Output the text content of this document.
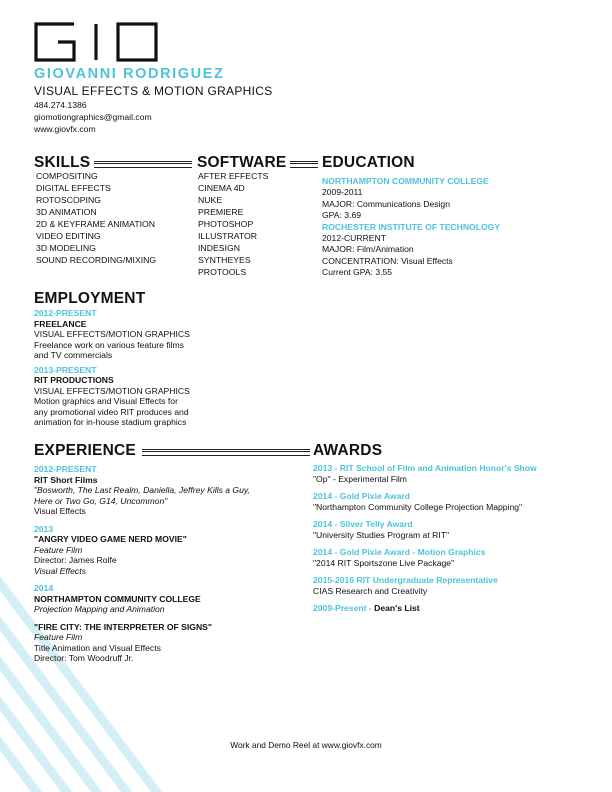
GIOVANNI RODRIGUEZ
VISUAL EFFECTS & MOTION GRAPHICS
484.274.1386
giomotiongraphics@gmail.com
www.giovfx.com
SKILLS
COMPOSITING
DIGITAL EFFECTS
ROTOSCOPING
3D ANIMATION
2D & KEYFRAME ANIMATION
VIDEO EDITING
3D MODELING
SOUND RECORDING/MIXING
SOFTWARE
AFTER EFFECTS
CINEMA 4D
NUKE
PREMIERE
PHOTOSHOP
ILLUSTRATOR
INDESIGN
SYNTHEYES
PROTOOLS
EDUCATION
NORTHAMPTON COMMUNITY COLLEGE
2009-2011
MAJOR: Communications Design
GPA: 3.69
ROCHESTER INSTITUTE OF TECHNOLOGY
2012-CURRENT
MAJOR: Film/Animation
CONCENTRATION: Visual Effects
Current GPA: 3.55
EMPLOYMENT
2012-PRESENT
FREELANCE
VISUAL EFFECTS/MOTION GRAPHICS
Freelance work on various feature films
and TV commercials
2013-PRESENT
RIT PRODUCTIONS
VISUAL EFFECTS/MOTION GRAPHICS
Motion graphics and Visual Effects for
any promotional video RIT produces and
animation for in-house stadium graphics
EXPERIENCE
2012-PRESENT
RIT Short Films
"Bosworth, The Last Realm, Daniella, Jeffrey Kills a Guy,
Here or Two Go, G14, Uncommon"
Visual Effects
2013
"ANGRY VIDEO GAME NERD MOVIE"
Feature Film
Director: James Rolfe
Visual Effects
2014
NORTHAMPTON COMMUNITY COLLEGE
Projection Mapping and Animation
"FIRE CITY: THE INTERPRETER OF SIGNS"
Feature Film
Title Animation and Visual Effects
Director: Tom Woodruff Jr.
AWARDS
2013 - RIT School of Film and Animation Honor's Show
"Op" - Experimental Film
2014 - Gold Pixie Award
"Northampton Community College Projection Mapping"
2014 - Silver Telly Award
"University Studies Program at RIT"
2014 - Gold Pixie Award - Motion Graphics
"2014 RIT Sportszone Live Package"
2015-2016 RIT Undergraduate Representative
CIAS Research and Creativity
2009-Present - Dean's List
Work and Demo Reel at www.giovfx.com
